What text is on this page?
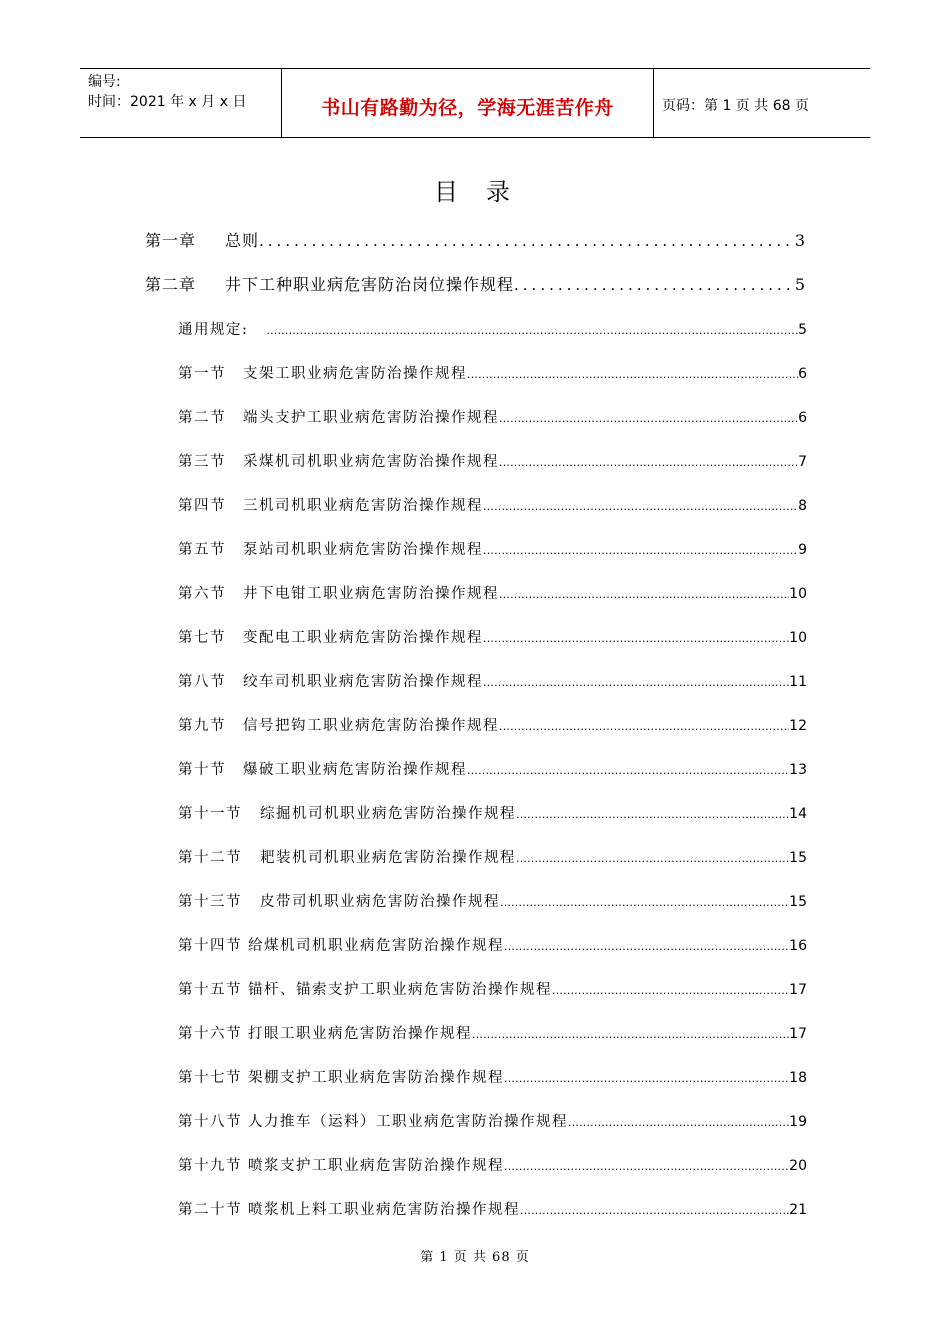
编号:
时间：2021 年 x 月 x 日	书山有路勤为径，学海无涯苦作舟	页码：第 1 页 共 68 页
目 录
第一章	总则 .....	3
第二章	井下工种职业病危害防治岗位操作规程 .....	5
通用规定: .....	5
第一节 支架工职业病危害防治操作规程 .....	6
第二节 端头支护工职业病危害防治操作规程 .....	6
第三节 采煤机司机职业病危害防治操作规程 .....	7
第四节 三机司机职业病危害防治操作规程 .....	8
第五节 泵站司机职业病危害防治操作规程 .....	9
第六节 井下电钳工职业病危害防治操作规程 .....	10
第七节 变配电工职业病危害防治操作规程 .....	10
第八节 绞车司机职业病危害防治操作规程 .....	11
第九节 信号把钩工职业病危害防治操作规程 .....	12
第十节 爆破工职业病危害防治操作规程 .....	13
第十一节 综掘机司机职业病危害防治操作规程 .....	14
第十二节 耙装机司机职业病危害防治操作规程 .....	15
第十三节 皮带司机职业病危害防治操作规程 .....	15
第十四节 给煤机司机职业病危害防治操作规程 .....	16
第十五节 锚杆、锚索支护工职业病危害防治操作规程 .....	17
第十六节 打眼工职业病危害防治操作规程 .....	17
第十七节 架棚支护工职业病危害防治操作规程 .....	18
第十八节 人力推车（运料）工职业病危害防治操作规程 .....	19
第十九节 喷浆支护工职业病危害防治操作规程 .....	20
第二十节 喷浆机上料工职业病危害防治操作规程 .....	21
第 1 页 共 68 页
